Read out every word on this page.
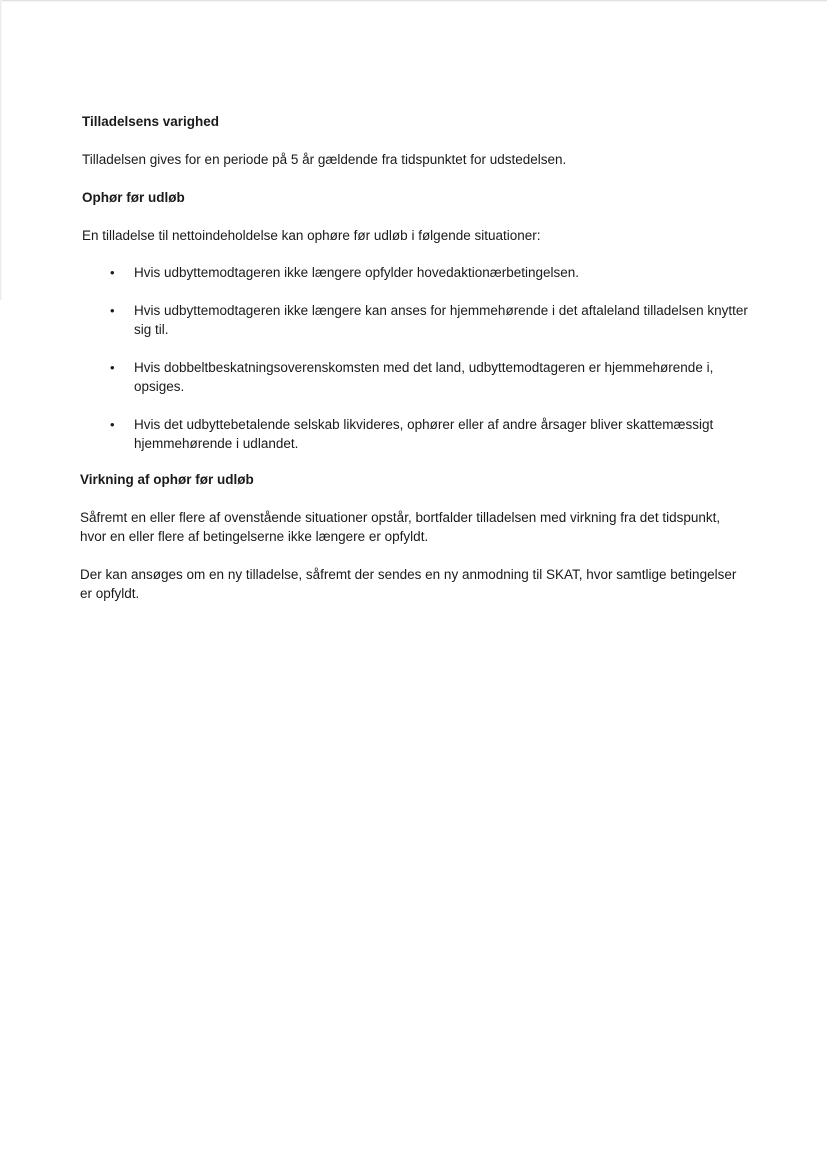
Tilladelsens varighed

Tilladelsen gives for en periode på 5 år gældende fra tidspunktet for udstedelsen.

Ophør før udløb

En tilladelse til nettoindeholdelse kan ophøre før udløb i følgende situationer:

•	Hvis udbyttemodtageren ikke længere opfylder hovedaktionærbetingelsen.
•	Hvis udbyttemodtageren ikke længere kan anses for hjemmehørende i det aftaleland tilladelsen knytter sig til.
•	Hvis dobbeltbeskatningsoverenskomsten med det land, udbyttemodtageren er hjemmehørende i, opsiges.
•	Hvis det udbyttebetalende selskab likvideres, ophører eller af andre årsager bliver skattemæssigt hjemmehørende i udlandet.
Virkning af ophør før udløb

Såfremt en eller flere af ovenstående situationer opstår, bortfalder tilladelsen med virkning fra det tidspunkt, hvor en eller flere af betingelserne ikke længere er opfyldt.

Der kan ansøges om en ny tilladelse, såfremt der sendes en ny anmodning til SKAT, hvor samtlige betingelser er opfyldt.
